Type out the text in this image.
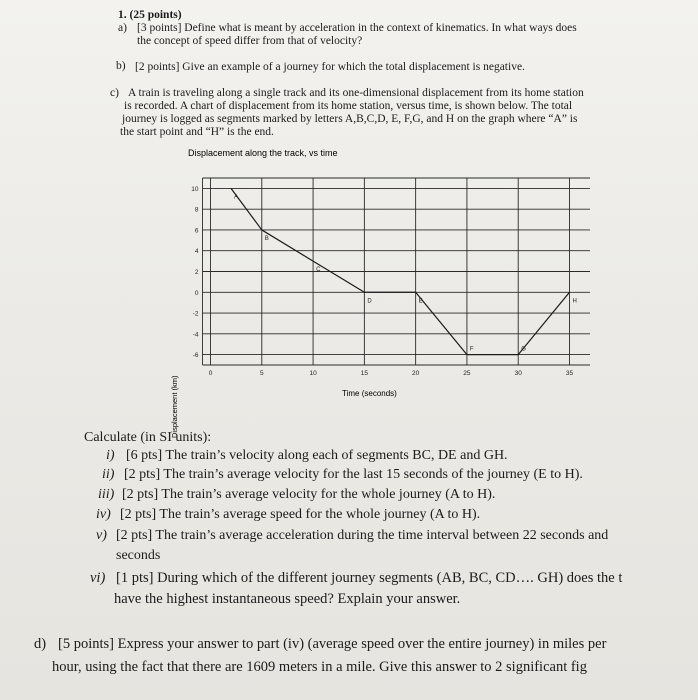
1. (25 points)
a) [3 points] Define what is meant by acceleration in the context of kinematics. In what ways does
the concept of speed differ from that of velocity?
b) [2 points] Give an example of a journey for which the total displacement is negative.
c) A train is traveling along a single track and its one-dimensional displacement from its home station
is recorded. A chart of displacement from its home station, versus time, is shown below. The total
journey is logged as segments marked by letters A,B,C,D, E, F,G, and H on the graph where “A” is
the start point and “H” is the end.
Displacement along the track, vs time
10
8
6
4
2
0
-2
-4
-6
0	5	10	15	20	25	30	35
A
B
C
D	E
F	G
H
Time (seconds)
Displacement (km)
Calculate (in SI units):
i) [6 pts] The train’s velocity along each of segments BC, DE and GH.
ii) [2 pts] The train’s average velocity for the last 15 seconds of the journey (E to H).
iii) [2 pts] The train’s average velocity for the whole journey (A to H).
iv) [2 pts] The train’s average speed for the whole journey (A to H).
v) [2 pts] The train’s average acceleration during the time interval between 22 seconds and
seconds
vi) [1 pts] During which of the different journey segments (AB, BC, CD…. GH) does the t
have the highest instantaneous speed? Explain your answer.
d) [5 points] Express your answer to part (iv) (average speed over the entire journey) in miles per
hour, using the fact that there are 1609 meters in a mile. Give this answer to 2 significant fig
